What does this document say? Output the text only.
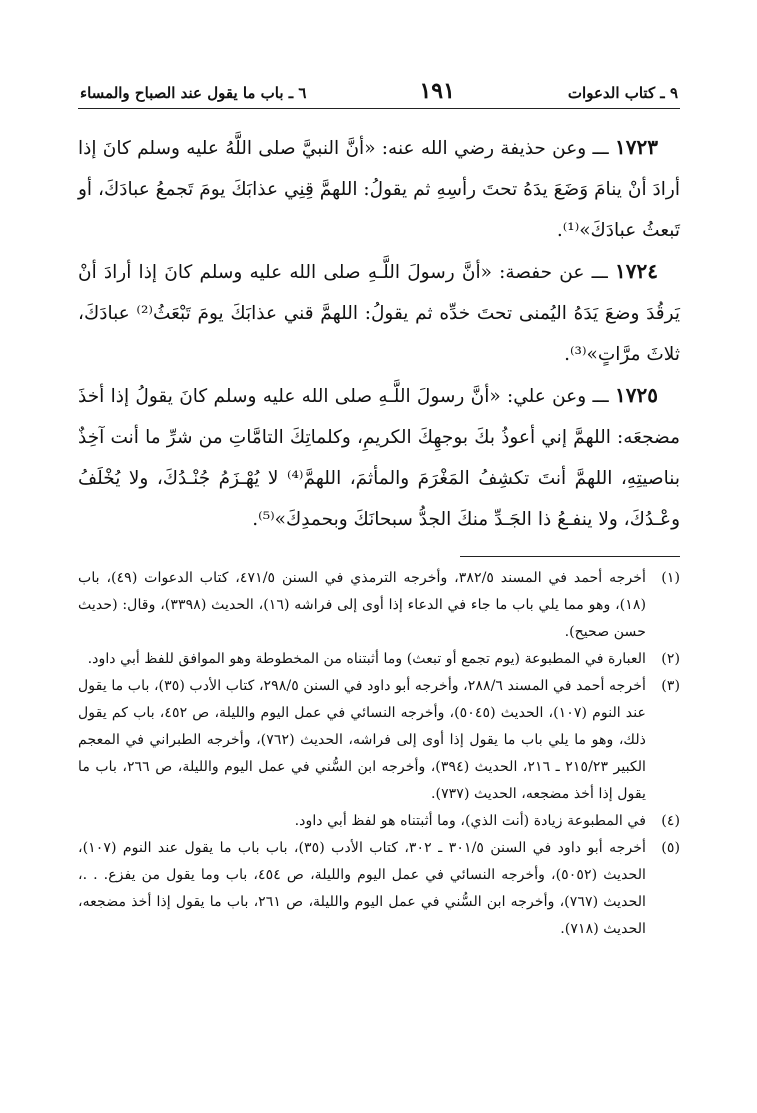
٩ ـ كتاب الدعوات
١٩١
٦ ـ باب ما يقول عند الصباح والمساء

١٧٢٣ ـــ وعن حذيفة رضي الله عنه: «أنَّ النبيَّ صلى اللَّهُ عليه وسلم كانَ إذا أرادَ أنْ ينامَ وَضَعَ يدَهُ تحتَ رأسِهِ ثم يقولُ: اللهمَّ قِنِي عذابَكَ يومَ تَجمعُ عبادَكَ، أو تَبعثُ عبادَكَ»⁽¹⁾.

١٧٢٤ ـــ عن حفصة: «أنَّ رسولَ اللَّـهِ صلى الله عليه وسلم كانَ إذا أرادَ أنْ يَرقُدَ وضعَ يَدَهُ اليُمنى تحتَ خدِّه ثم يقولُ: اللهمَّ قني عذابَكَ يومَ تَبْعَثُ⁽²⁾ عبادَكَ، ثلاثَ مرَّاتٍ»⁽³⁾.

١٧٢٥ ـــ وعن علي: «أنَّ رسولَ اللَّـهِ صلى الله عليه وسلم كانَ يقولُ إذا أخذَ مضجعَه: اللهمَّ إني أعوذُ بكَ بوجهِكَ الكريمِ، وكلماتِكَ التامَّاتِ من شرِّ ما أنت آخِذٌ بناصيتِهِ، اللهمَّ أنتَ تكشِفُ المَغْرَمَ والمأثمَ، اللهمَّ⁽⁴⁾ لا يُهْـزَمُ جُنْـدُكَ، ولا يُخْلَفُ وعْـدُكَ، ولا ينفـعُ ذا الجَـدِّ منكَ الجدُّ سبحانَكَ وبحمدِكَ»⁽⁵⁾.

(١)
أخرجه أحمد في المسند ٣٨٢/٥، وأخرجه الترمذي في السنن ٤٧١/٥، كتاب الدعوات (٤٩)، باب (١٨)، وهو مما يلي باب ما جاء في الدعاء إذا أوى إلى فراشه (١٦)، الحديث (٣٣٩٨)، وقال: (حديث حسن صحيح).

(٢)
العبارة في المطبوعة (يوم تجمع أو تبعث) وما أثبتناه من المخطوطة وهو الموافق للفظ أبي داود.

(٣)
أخرجه أحمد في المسند ٢٨٨/٦، وأخرجه أبو داود في السنن ٢٩٨/٥، كتاب الأدب (٣٥)، باب ما يقول عند النوم (١٠٧)، الحديث (٥٠٤٥)، وأخرجه النسائي في عمل اليوم والليلة، ص ٤٥٢، باب كم يقول ذلك، وهو ما يلي باب ما يقول إذا أوى إلى فراشه، الحديث (٧٦٢)، وأخرجه الطبراني في المعجم الكبير ٢١٥/٢٣ ـ ٢١٦، الحديث (٣٩٤)، وأخرجه ابن السُّني في عمل اليوم والليلة، ص ٢٦٦، باب ما يقول إذا أخذ مضجعه، الحديث (٧٣٧).

(٤)
في المطبوعة زيادة (أنت الذي)، وما أثبتناه هو لفظ أبي داود.

(٥)
أخرجه أبو داود في السنن ٣٠١/٥ ـ ٣٠٢، كتاب الأدب (٣٥)، باب باب ما يقول عند النوم (١٠٧)، الحديث (٥٠٥٢)، وأخرجه النسائي في عمل اليوم والليلة، ص ٤٥٤، باب وما يقول من يفزع. . .، الحديث (٧٦٧)، وأخرجه ابن السُّني في عمل اليوم والليلة، ص ٢٦١، باب ما يقول إذا أخذ مضجعه، الحديث (٧١٨).
